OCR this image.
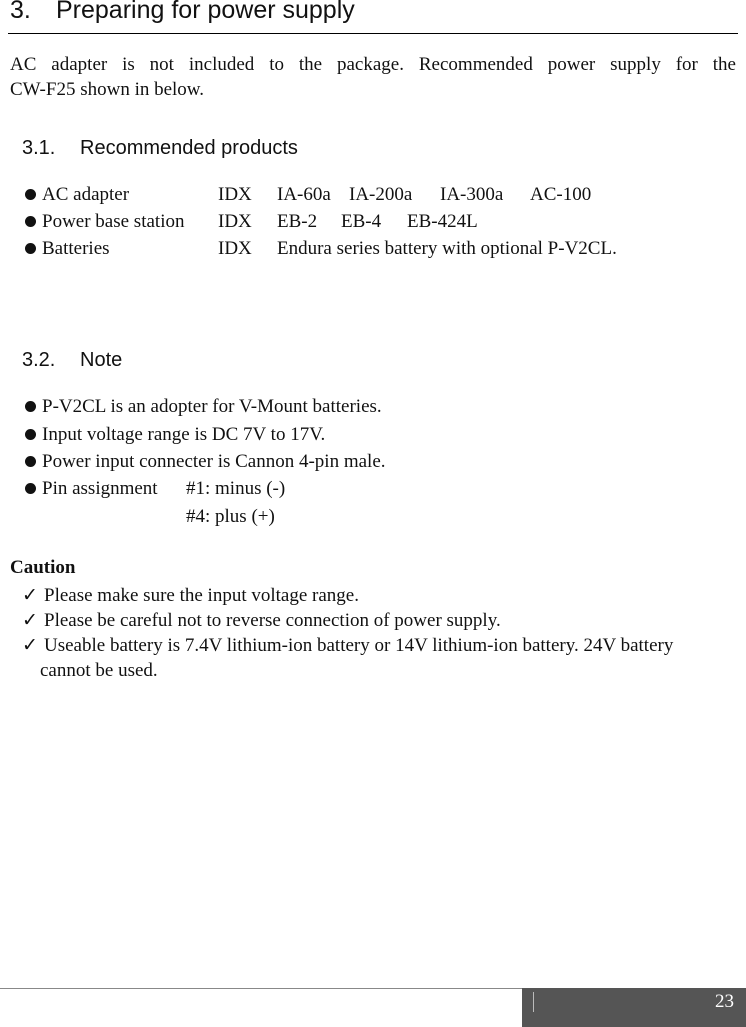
3. Preparing for power supply

AC adapter is not included to the package. Recommended power supply for the

CW-F25 shown in below.

3.1. Recommended products
AC adapter	IDX IA-60a IA-200a IA-300a AC-100
Power base station IDX EB-2 EB-4 EB-424L
Batteries	IDX Endura series battery with optional P-V2CL.
3.2. Note
P-V2CL is an adopter for V-Mount batteries.
Input voltage range is DC 7V to 17V.
Power input connecter is Cannon 4-pin male.
Pin assignment #1: minus (-)
#4: plus (+)
Caution
✓ Please make sure the input voltage range.
✓ Please be careful not to reverse connection of power supply.
✓ Useable battery is 7.4V lithium-ion battery or 14V lithium-ion battery. 24V battery
cannot be used.
23
